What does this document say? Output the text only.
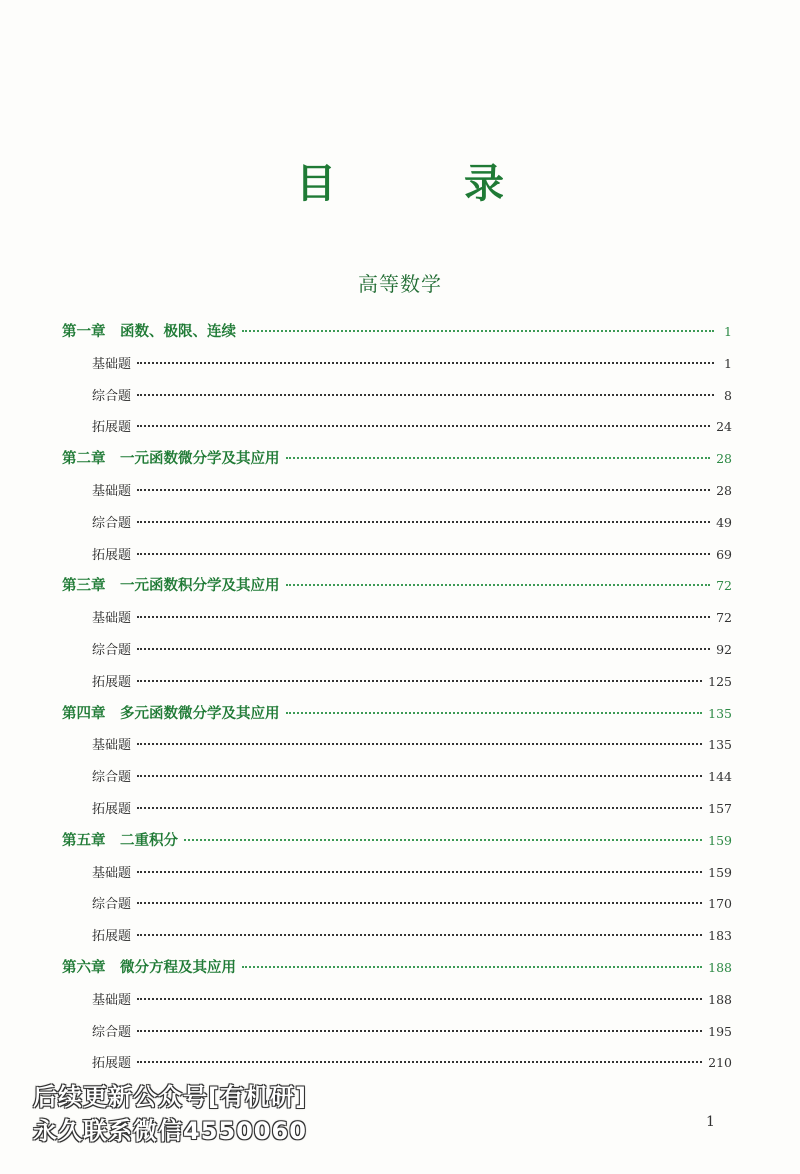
目　录
高等数学
第一章　函数、极限、连续	1
基础题	1
综合题	8
拓展题	24
第二章　一元函数微分学及其应用	28
基础题	28
综合题	49
拓展题	69
第三章　一元函数积分学及其应用	72
基础题	72
综合题	92
拓展题	125
第四章　多元函数微分学及其应用	135
基础题	135
综合题	144
拓展题	157
第五章　二重积分	159
基础题	159
综合题	170
拓展题	183
第六章　微分方程及其应用	188
基础题	188
综合题	195
拓展题	210
后续更新公众号[有机研]
永久联系微信4550060	1
